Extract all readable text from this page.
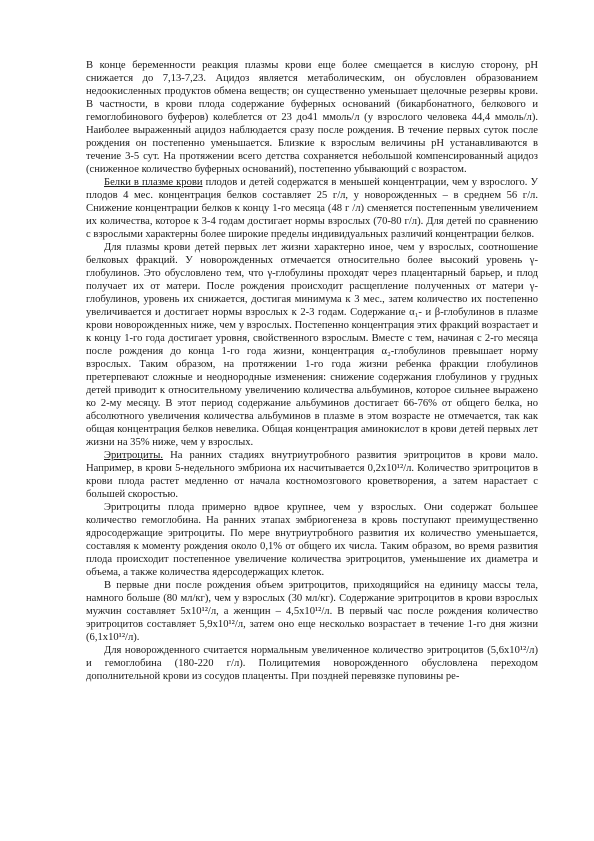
В конце беременности реакция плазмы крови еще более смещается в кислую сторону, рН снижается до 7,13-7,23. Ацидоз является метаболическим, он обусловлен образованием недоокисленных продуктов обмена веществ; он существенно уменьшает щелочные резервы крови. В частности, в крови плода содержание буферных оснований (бикарбонатного, белкового и гемоглобинового буферов) колеблется от 23 до41 ммоль/л (у взрослого человека 44,4 ммоль/л). Наиболее выраженный ацидоз наблюдается сразу после рождения. В течение первых суток после рождения он постепенно уменьшается. Близкие к взрослым величины рН устанавливаются в течение 3-5 сут. На протяжении всего детства сохраняется небольшой компенсированный ацидоз (сниженное количество буферных оснований), постепенно убывающий с возрастом.

Белки в плазме крови плодов и детей содержатся в меньшей концентрации, чем у взрослого. У плодов 4 мес. концентрация белков составляет 25 г/л, у новорожденных – в среднем 56 г/л. Снижение концентрации белков к концу 1-го месяца (48 г /л) сменяется постепенным увеличением их количества, которое к 3-4 годам достигает нормы взрослых (70-80 г/л). Для детей по сравнению с взрослыми характерны более широкие пределы индивидуальных различий концентрации белков.

Для плазмы крови детей первых лет жизни характерно иное, чем у взрослых, соотношение белковых фракций. У новорожденных отмечается относительно более высокий уровень γ-глобулинов. Это обусловлено тем, что γ-глобулины проходят через плацентарный барьер, и плод получает их от матери. После рождения происходит расщепление полученных от матери γ-глобулинов, уровень их снижается, достигая минимума к 3 мес., затем количество их постепенно увеличивается и достигает нормы взрослых к 2-3 годам. Содержание α₁- и β-глобулинов в плазме крови новорожденных ниже, чем у взрослых. Постепенно концентрация этих фракций возрастает и к концу 1-го года достигает уровня, свойственного взрослым. Вместе с тем, начиная с 2-го месяца после рождения до конца 1-го года жизни, концентрация α₂-глобулинов превышает норму взрослых. Таким образом, на протяжении 1-го года жизни ребенка фракции глобулинов претерпевают сложные и неоднородные изменения: снижение содержания глобулинов у грудных детей приводит к относительному увеличению количества альбуминов, которое сильнее выражено ко 2-му месяцу. В этот период содержание альбуминов достигает 66-76% от общего белка, но абсолютного увеличения количества альбуминов в плазме в этом возрасте не отмечается, так как общая концентрация белков невелика. Общая концентрация аминокислот в крови детей первых лет жизни на 35% ниже, чем у взрослых.

Эритроциты. На ранних стадиях внутриутробного развития эритроцитов в крови мало. Например, в крови 5-недельного эмбриона их насчитывается 0,2x10¹²/л. Количество эритроцитов в крови плода растет медленно от начала костномозгового кроветворения, а затем нарастает с большей скоростью.

Эритроциты плода примерно вдвое крупнее, чем у взрослых. Они содержат большее количество гемоглобина. На ранних этапах эмбриогенеза в кровь поступают преимущественно ядросодержащие эритроциты. По мере внутриутробного развития их количество уменьшается, составляя к моменту рождения около 0,1% от общего их числа. Таким образом, во время развития плода происходит постепенное увеличение количества эритроцитов, уменьшение их диаметра и объема, а также количества ядерсодержащих клеток.

В первые дни после рождения объем эритроцитов, приходящийся на единицу массы тела, намного больше (80 мл/кг), чем у взрослых (30 мл/кг). Содержание эритроцитов в крови взрослых мужчин составляет 5x10¹²/л, а женщин – 4,5x10¹²/л. В первый час после рождения количество эритроцитов составляет 5,9x10¹²/л, затем оно еще несколько возрастает в течение 1-го дня жизни (6,1x10¹²/л).

Для новорожденного считается нормальным увеличенное количество эритроцитов (5,6x10¹²/л) и гемоглобина (180-220 г/л). Полицитемия новорожденного обусловлена переходом дополнительной крови из сосудов плаценты. При поздней перевязке пуповины ре-
